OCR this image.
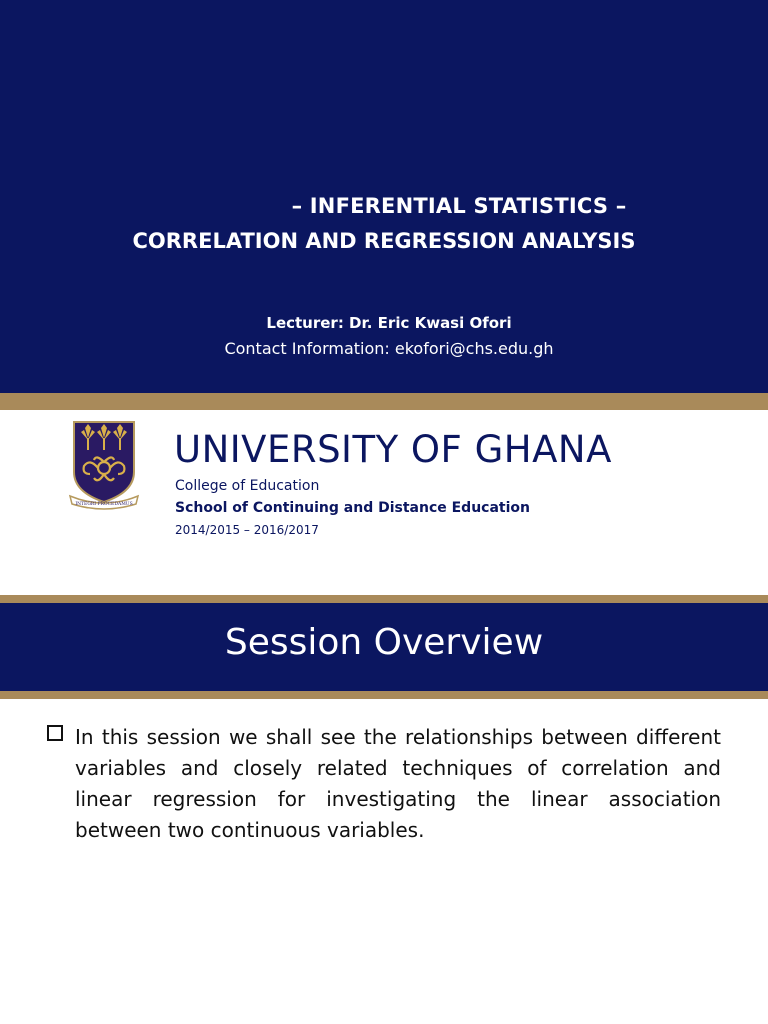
– INFERENTIAL STATISTICS –
CORRELATION AND REGRESSION ANALYSIS
Lecturer: Dr. Eric Kwasi Ofori
Contact Information: ekofori@chs.edu.gh
INTEGRI PROCEDAMUS
UNIVERSITY OF GHANA
College of Education
School of Continuing and Distance Education
2014/2015 – 2016/2017
Session Overview
In this session we shall see the relationships between different variables and closely related techniques of correlation and linear regression for investigating the linear association between two continuous variables.
